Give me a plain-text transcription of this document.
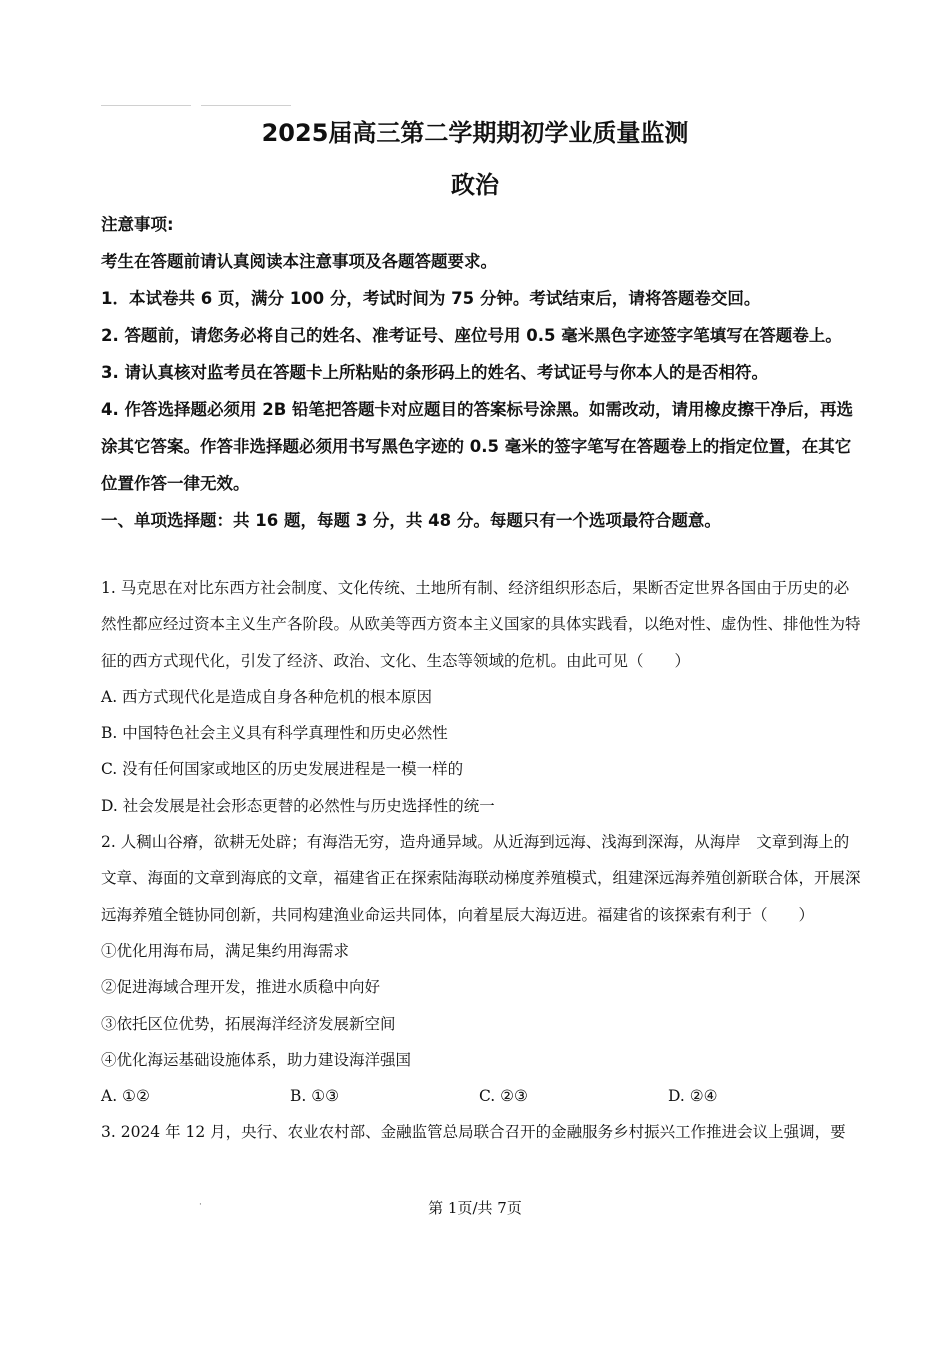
2025届高三第二学期期初学业质量监测
政治

注意事项:

考生在答题前请认真阅读本注意事项及各题答题要求。

1．本试卷共 6 页，满分 100 分，考试时间为 75 分钟。考试结束后，请将答题卷交回。

2. 答题前，请您务必将自己的姓名、准考证号、座位号用 0.5 毫米黑色字迹签字笔填写在答题卷上。

3. 请认真核对监考员在答题卡上所粘贴的条形码上的姓名、考试证号与你本人的是否相符。

4. 作答选择题必须用 2B 铅笔把答题卡对应题目的答案标号涂黑。如需改动，请用橡皮擦干净后，再选涂其它答案。作答非选择题必须用书写黑色字迹的 0.5 毫米的签字笔写在答题卷上的指定位置，在其它位置作答一律无效。

一、单项选择题：共 16 题，每题 3 分，共 48 分。每题只有一个选项最符合题意。

1. 马克思在对比东西方社会制度、文化传统、土地所有制、经济组织形态后，果断否定世界各国由于历史的必然性都应经过资本主义生产各阶段。从欧美等西方资本主义国家的具体实践看，以绝对性、虚伪性、排他性为特征的西方式现代化，引发了经济、政治、文化、生态等领域的危机。由此可见（　　）

A. 西方式现代化是造成自身各种危机的根本原因

B. 中国特色社会主义具有科学真理性和历史必然性

C. 没有任何国家或地区的历史发展进程是一模一样的

D. 社会发展是社会形态更替的必然性与历史选择性的统一

2. 人稠山谷瘠，欲耕无处辟；有海浩无穷，造舟通异域。从近海到远海、浅海到深海，从海岸　文章到海上的文章、海面的文章到海底的文章，福建省正在探索陆海联动梯度养殖模式，组建深远海养殖创新联合体，开展深远海养殖全链协同创新，共同构建渔业命运共同体，向着星辰大海迈进。福建省的该探索有利于（　　）

①优化用海布局，满足集约用海需求

②促进海域合理开发，推进水质稳中向好

③依托区位优势，拓展海洋经济发展新空间

④优化海运基础设施体系，助力建设海洋强国

A. ①②	B. ①③	C. ②③	D. ②④

3. 2024 年 12 月，央行、农业农村部、金融监管总局联合召开的金融服务乡村振兴工作推进会议上强调，要

·	第 1页/共 7页
